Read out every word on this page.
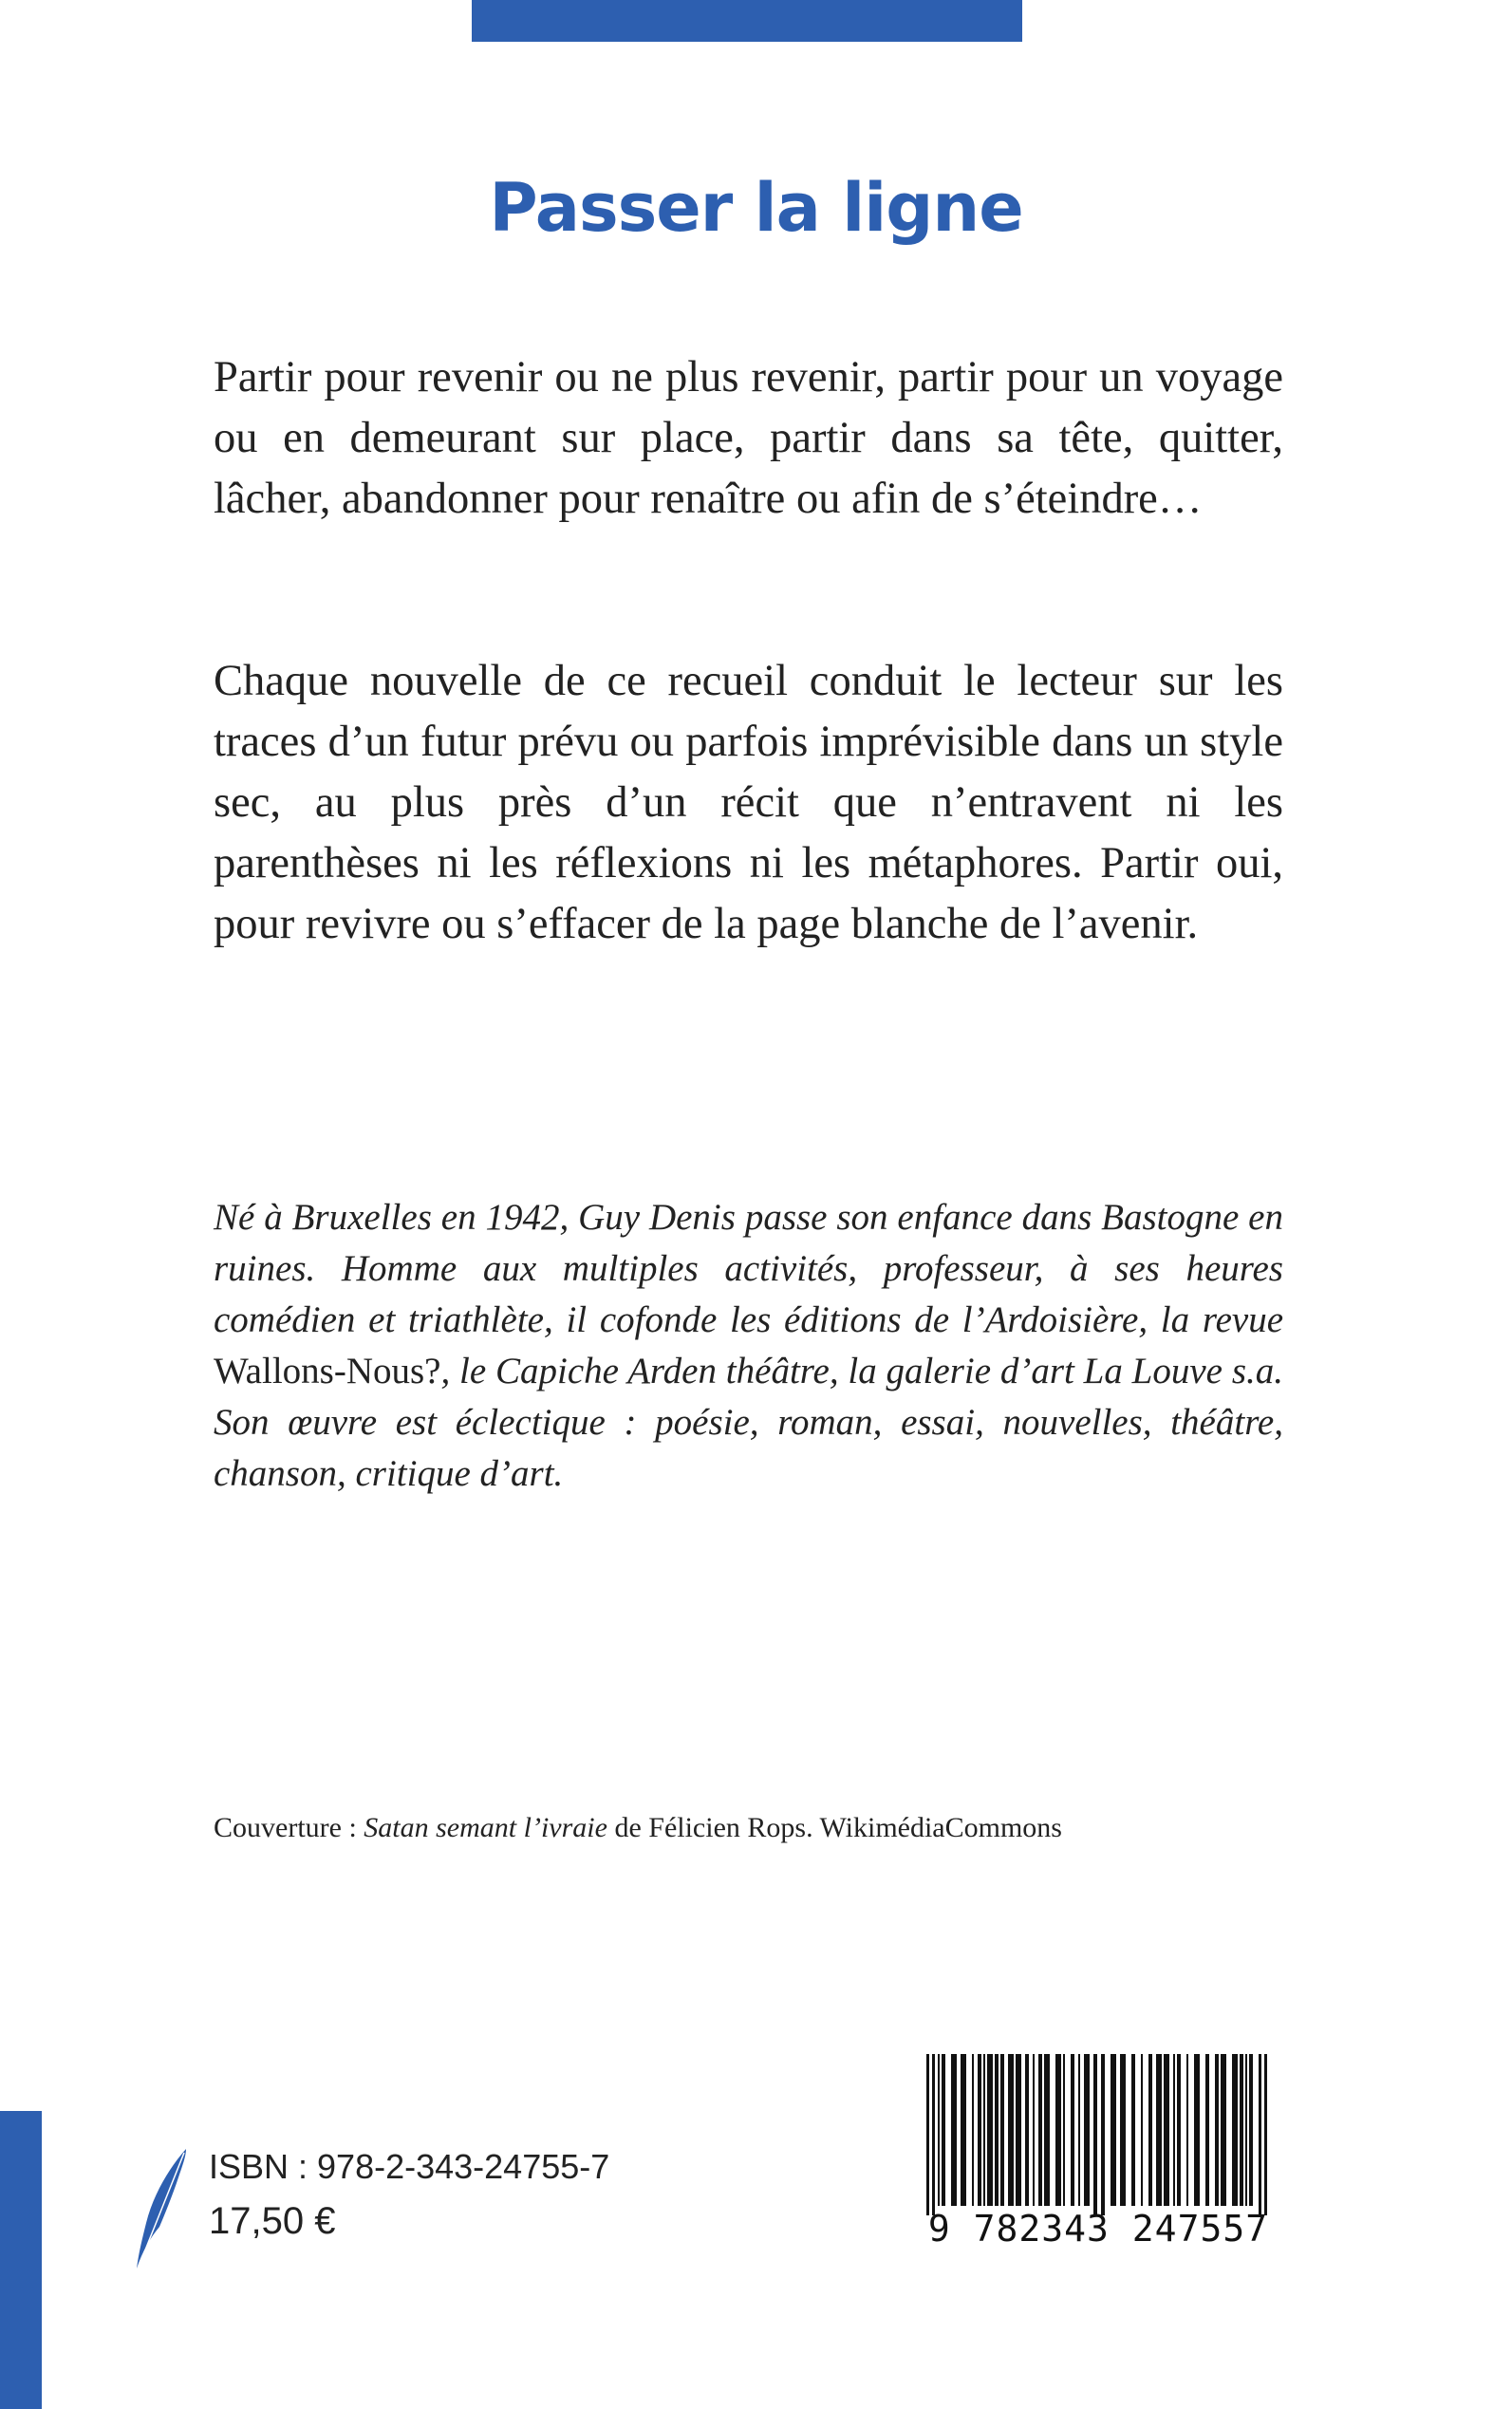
Passer la ligne

Partir pour revenir ou ne plus revenir, partir pour un voyage ou en demeurant sur place, partir dans sa tête, quitter, lâcher, abandonner pour renaître ou afin de s’éteindre…

Chaque nouvelle de ce recueil conduit le lecteur sur les traces d’un futur prévu ou parfois imprévisible dans un style sec, au plus près d’un récit que n’entravent ni les parenthèses ni les réflexions ni les métaphores. Partir oui, pour revivre ou s’effacer de la page blanche de l’avenir.

Né à Bruxelles en 1942, Guy Denis passe son enfance dans Bastogne en ruines. Homme aux multiples activités, professeur, à ses heures comédien et triathlète, il cofonde les éditions de l’Ardoisière, la revue Wallons-Nous?, le Capiche Arden théâtre, la galerie d’art La Louve s.a. Son œuvre est éclectique : poésie, roman, essai, nouvelles, théâtre, chanson, critique d’art.

Couverture : Satan semant l’ivraie de Félicien Rops. WikimédiaCommons

ISBN : 978-2-343-24755-7

17,50 €	9 782343 247557
